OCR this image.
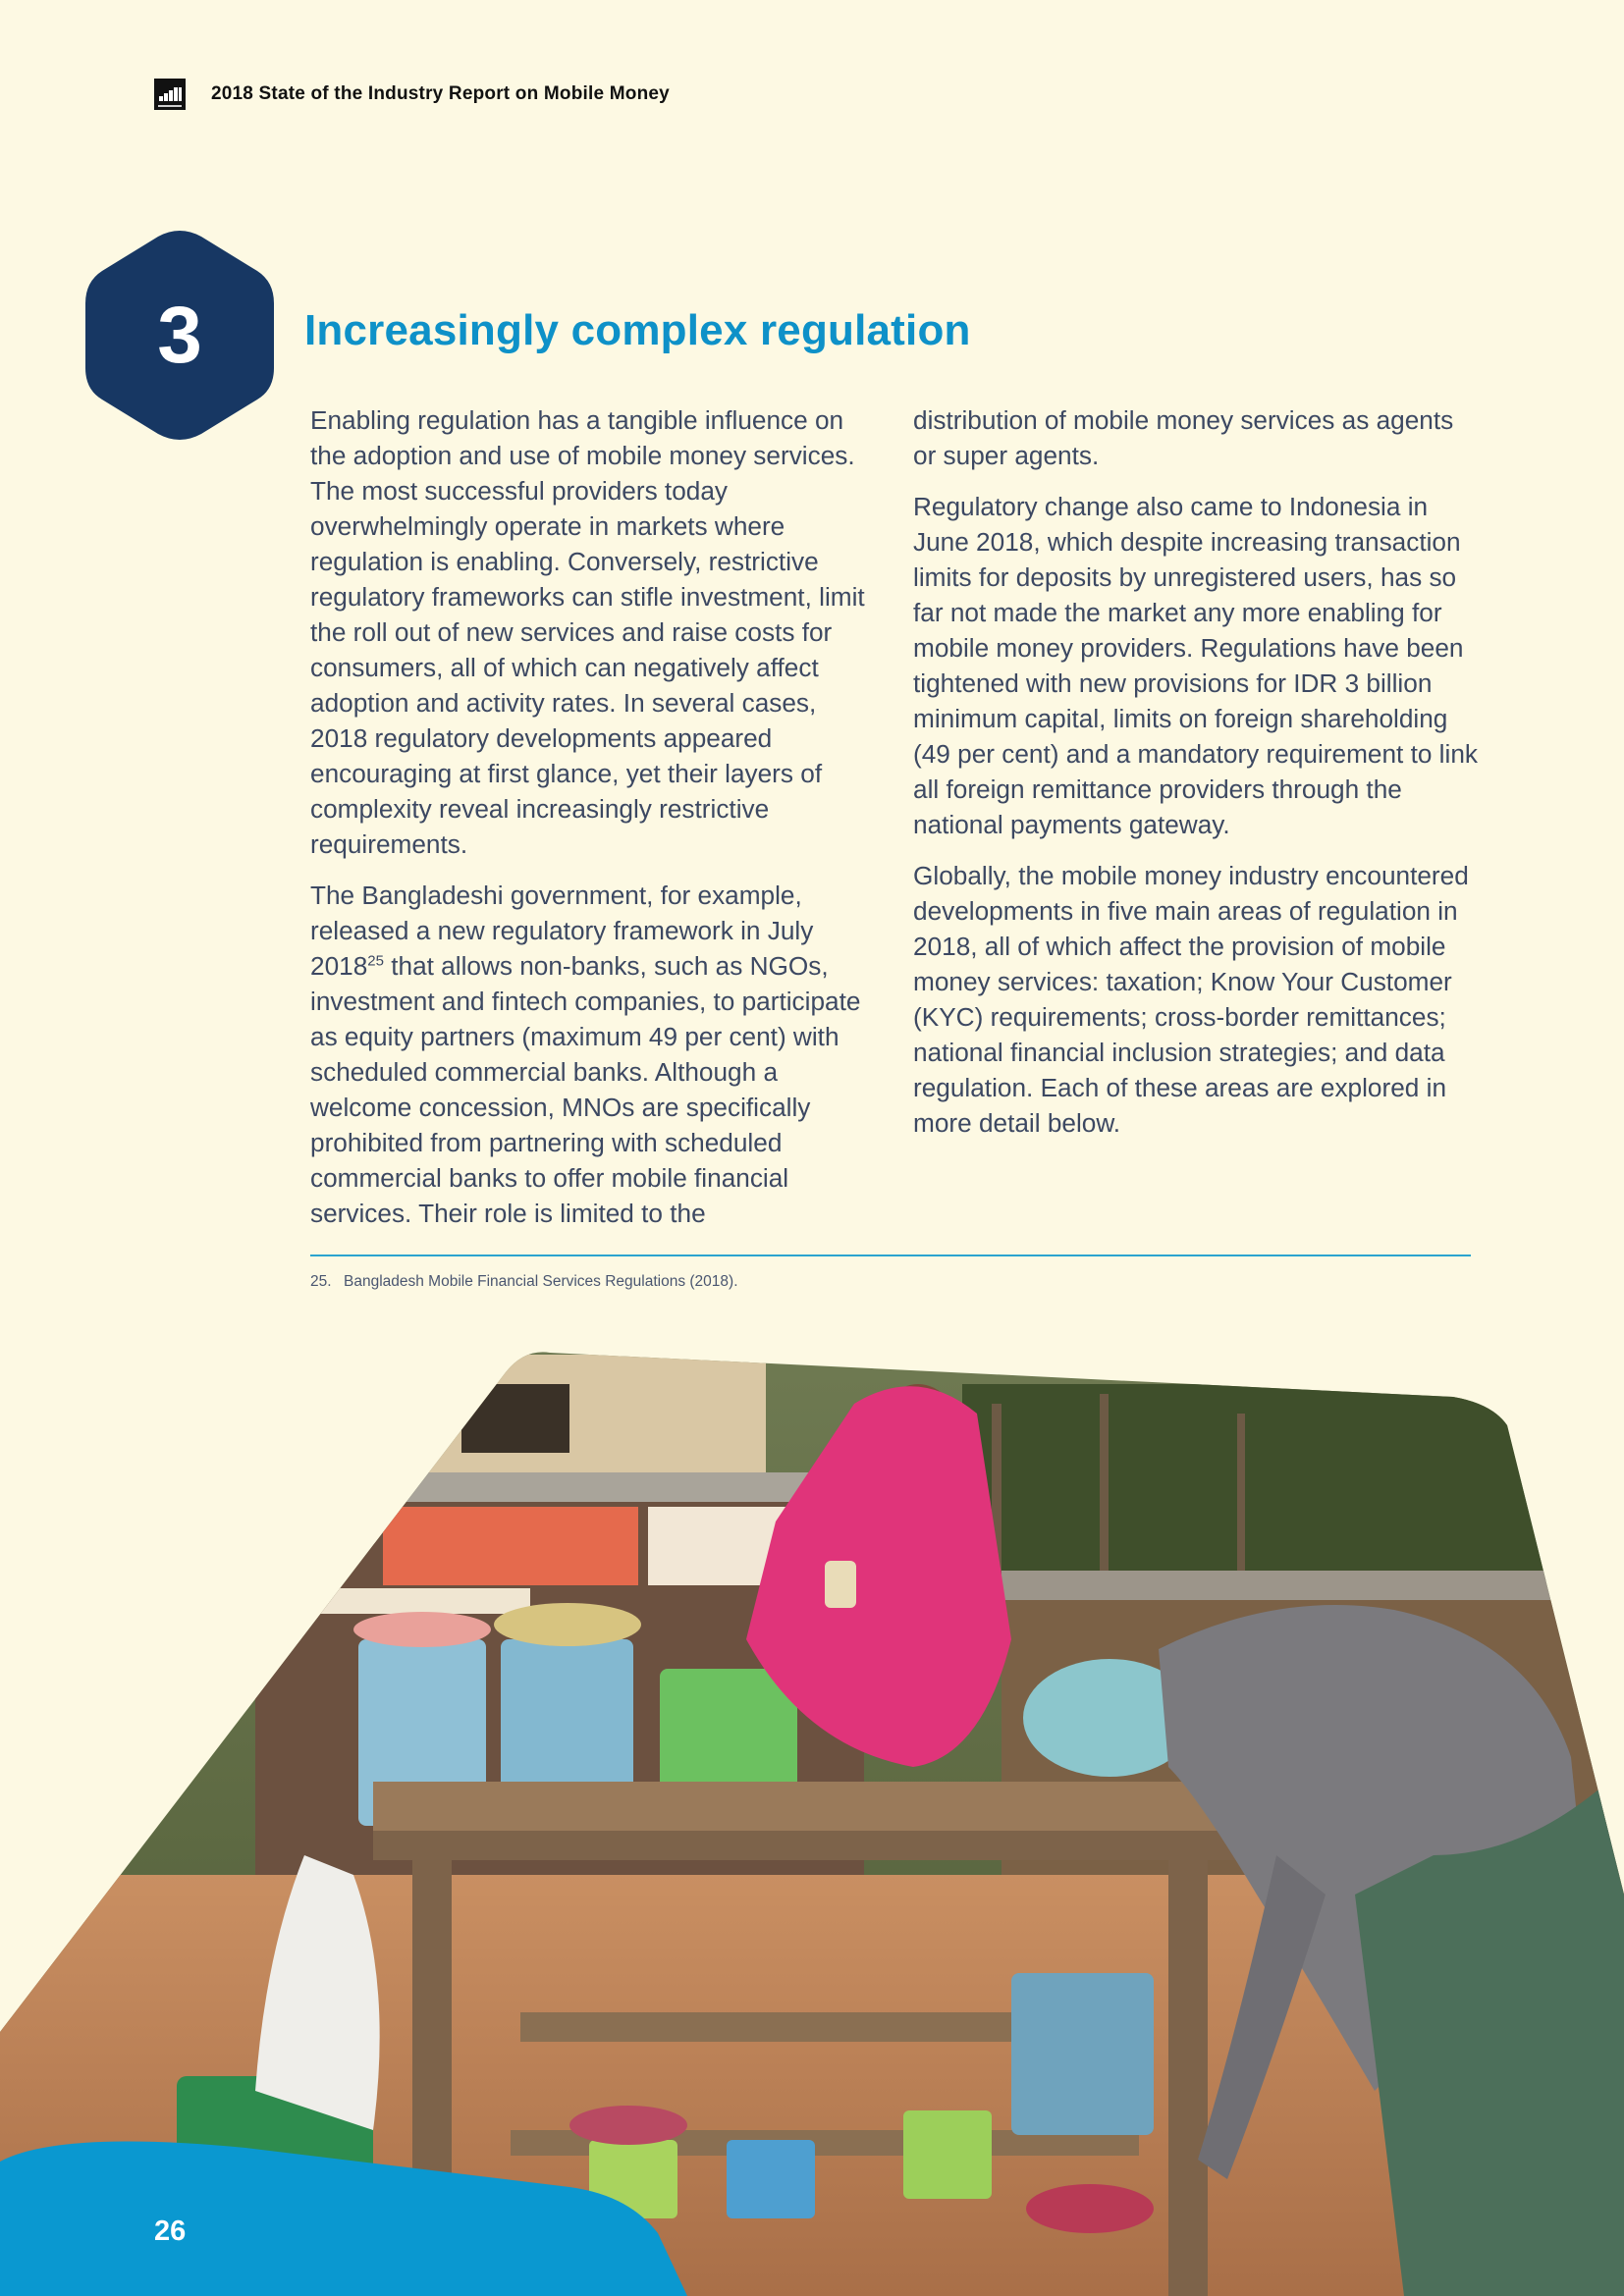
2018 State of the Industry Report on Mobile Money
3	Increasingly complex regulation

Enabling regulation has a tangible influence on the adoption and use of mobile money services. The most successful providers today overwhelmingly operate in markets where regulation is enabling. Conversely, restrictive regulatory frameworks can stifle investment, limit the roll out of new services and raise costs for consumers, all of which can negatively affect adoption and activity rates. In several cases, 2018 regulatory developments appeared encouraging at first glance, yet their layers of complexity reveal increasingly restrictive requirements.

The Bangladeshi government, for example, released a new regulatory framework in July 2018$^{25}$ that allows non-banks, such as NGOs, investment and fintech companies, to participate as equity partners (maximum 49 per cent) with scheduled commercial banks. Although a welcome concession, MNOs are specifically prohibited from partnering with scheduled commercial banks to offer mobile financial services. Their role is limited to the

distribution of mobile money services as agents or super agents.

Regulatory change also came to Indonesia in June 2018, which despite increasing transaction limits for deposits by unregistered users, has so far not made the market any more enabling for mobile money providers. Regulations have been tightened with new provisions for IDR 3 billion minimum capital, limits on foreign shareholding (49 per cent) and a mandatory requirement to link all foreign remittance providers through the national payments gateway.

Globally, the mobile money industry encountered developments in five main areas of regulation in 2018, all of which affect the provision of mobile money services: taxation; Know Your Customer (KYC) requirements; cross-border remittances; national financial inclusion strategies; and data regulation. Each of these areas are explored in more detail below.

25. Bangladesh Mobile Financial Services Regulations (2018).
26
